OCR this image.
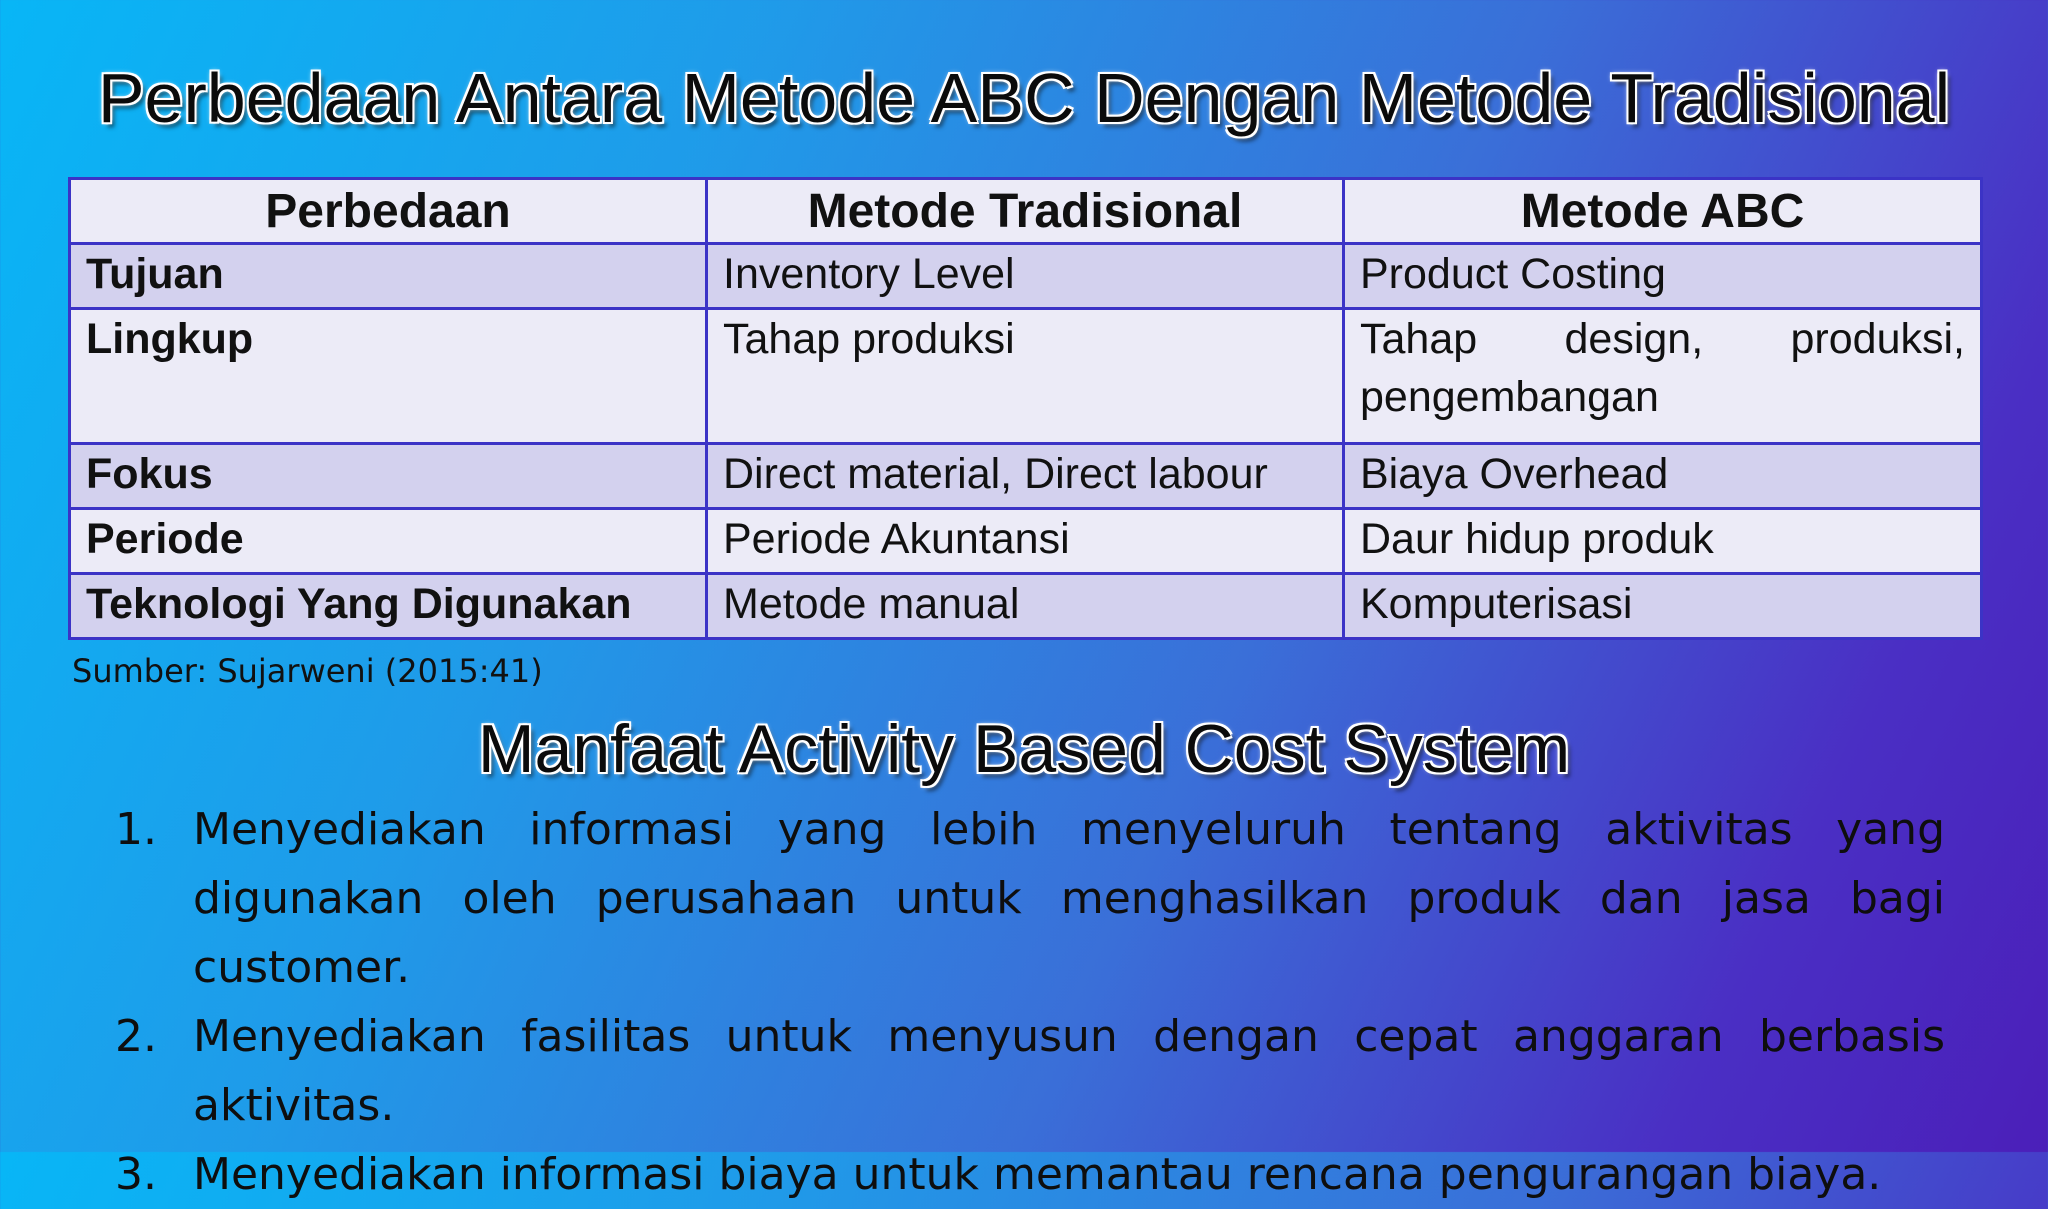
Perbedaan Antara Metode ABC Dengan Metode Tradisional
Perbedaan	Metode Tradisional	Metode ABC
Tujuan	Inventory Level	Product Costing
Lingkup	Tahap produksi	Tahap design, produksi, pengembangan
Fokus	Direct material, Direct labour	Biaya Overhead
Periode	Periode Akuntansi	Daur hidup produk
Teknologi Yang Digunakan	Metode manual	Komputerisasi

Sumber: Sujarweni (2015:41)

Manfaat Activity Based Cost System
1. Menyediakan informasi yang lebih menyeluruh tentang aktivitas yang digunakan oleh perusahaan untuk menghasilkan produk dan jasa bagi customer.
2. Menyediakan fasilitas untuk menyusun dengan cepat anggaran berbasis aktivitas.
3. Menyediakan informasi biaya untuk memantau rencana pengurangan biaya.
